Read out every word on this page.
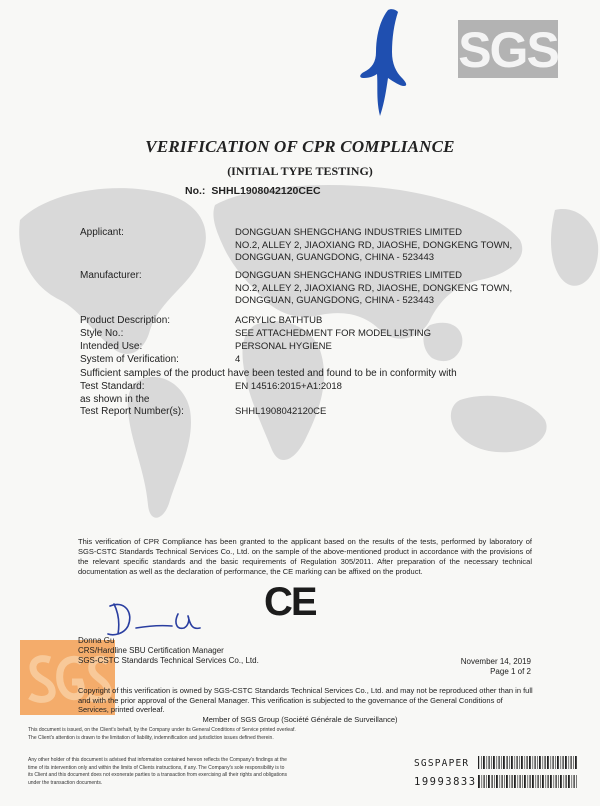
SGS
VERIFICATION OF CPR COMPLIANCE
(INITIAL TYPE TESTING)
No.: SHHL1908042120CEC
Applicant:	DONGGUAN SHENGCHANG INDUSTRIES LIMITED
NO.2, ALLEY 2, JIAOXIANG RD, JIAOSHE, DONGKENG TOWN,
DONGGUAN, GUANGDONG, CHINA - 523443
Manufacturer:	DONGGUAN SHENGCHANG INDUSTRIES LIMITED
NO.2, ALLEY 2, JIAOXIANG RD, JIAOSHE, DONGKENG TOWN,
DONGGUAN, GUANGDONG, CHINA - 523443
Product Description:	ACRYLIC BATHTUB
Style No.:	SEE ATTACHEDMENT FOR MODEL LISTING
Intended Use:	PERSONAL HYGIENE
System of Verification:	4
Sufficient samples of the product have been tested and found to be in conformity with
Test Standard:	EN 14516:2015+A1:2018
as shown in the
Test Report Number(s):	SHHL1908042120CE
This verification of CPR Compliance has been granted to the applicant based on the results of the tests, performed by laboratory of SGS-CSTC Standards Technical Services Co., Ltd. on the sample of the above-mentioned product in accordance with the provisions of the relevant specific standards and the basic requirements of Regulation 305/2011. After preparation of the necessary technical documentation as well as the declaration of performance, the CE marking can be affixed on the product.
CE
Donna Gu
CRS/Hardline SBU Certification Manager
SGS-CSTC Standards Technical Services Co., Ltd.	November 14, 2019
Page 1 of 2
Copyright of this verification is owned by SGS-CSTC Standards Technical Services Co., Ltd. and may not be reproduced other than in full and with the prior approval of the General Manager. This verification is subjected to the governance of the General Conditions of Services, printed overleaf.
Member of SGS Group (Société Générale de Surveillance)
This document is issued, on the Client's behalf, by the Company under its General Conditions of Service printed overleaf.
The Client's attention is drawn to the limitation of liability, indemnification and jurisdiction issues defined therein.
Any other holder of this document is advised that information contained hereon reflects the Company's findings at the
time of its intervention only and within the limits of Clients instructions, if any. The Company's sole responsibility is to
its Client and this document does not exonerate parties to a transaction from exercising all their rights and obligations
under the transaction documents.
SGSPAPER
19993833
